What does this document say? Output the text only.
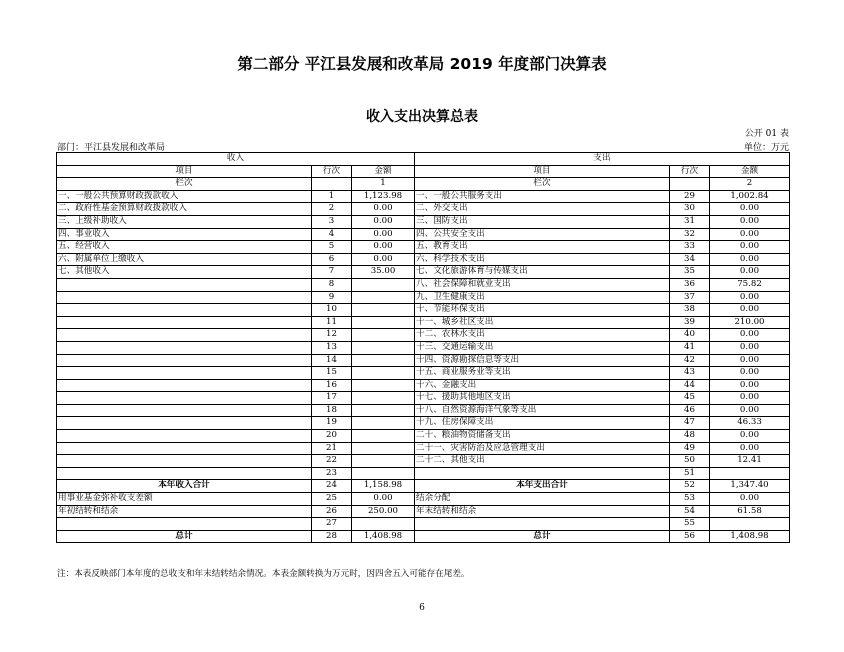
第二部分 平江县发展和改革局 2019 年度部门决算表
收入支出决算总表
公开 01 表
部门：平江县发展和改革局	单位：万元
收入			支出		
项目	行次	金额	项目	行次	金额
栏次		1	栏次		2
一、一般公共预算财政拨款收入	1	1,123.98	一、一般公共服务支出	29	1,002.84
二、政府性基金预算财政拨款收入	2	0.00	二、外交支出	30	0.00
三、上级补助收入	3	0.00	三、国防支出	31	0.00
四、事业收入	4	0.00	四、公共安全支出	32	0.00
五、经营收入	5	0.00	五、教育支出	33	0.00
六、附属单位上缴收入	6	0.00	六、科学技术支出	34	0.00
七、其他收入	7	35.00	七、文化旅游体育与传媒支出	35	0.00
	8		八、社会保障和就业支出	36	75.82
	9		九、卫生健康支出	37	0.00
	10		十、节能环保支出	38	0.00
	11		十一、城乡社区支出	39	210.00
	12		十二、农林水支出	40	0.00
	13		十三、交通运输支出	41	0.00
	14		十四、资源勘探信息等支出	42	0.00
	15		十五、商业服务业等支出	43	0.00
	16		十六、金融支出	44	0.00
	17		十七、援助其他地区支出	45	0.00
	18		十八、自然资源海洋气象等支出	46	0.00
	19		十九、住房保障支出	47	46.33
	20		二十、粮油物资储备支出	48	0.00
	21		二十一、灾害防治及应急管理支出	49	0.00
	22		二十二、其他支出	50	12.41
	23			51	
本年收入合计	24	1,158.98	本年支出合计	52	1,347.40
用事业基金弥补收支差额	25	0.00	结余分配	53	0.00
年初结转和结余	26	250.00	年末结转和结余	54	61.58
	27			55	
总计	28	1,408.98	总计	56	1,408.98
注：本表反映部门本年度的总收支和年末结转结余情况。本表金额转换为万元时，因四舍五入可能存在尾差。
6
